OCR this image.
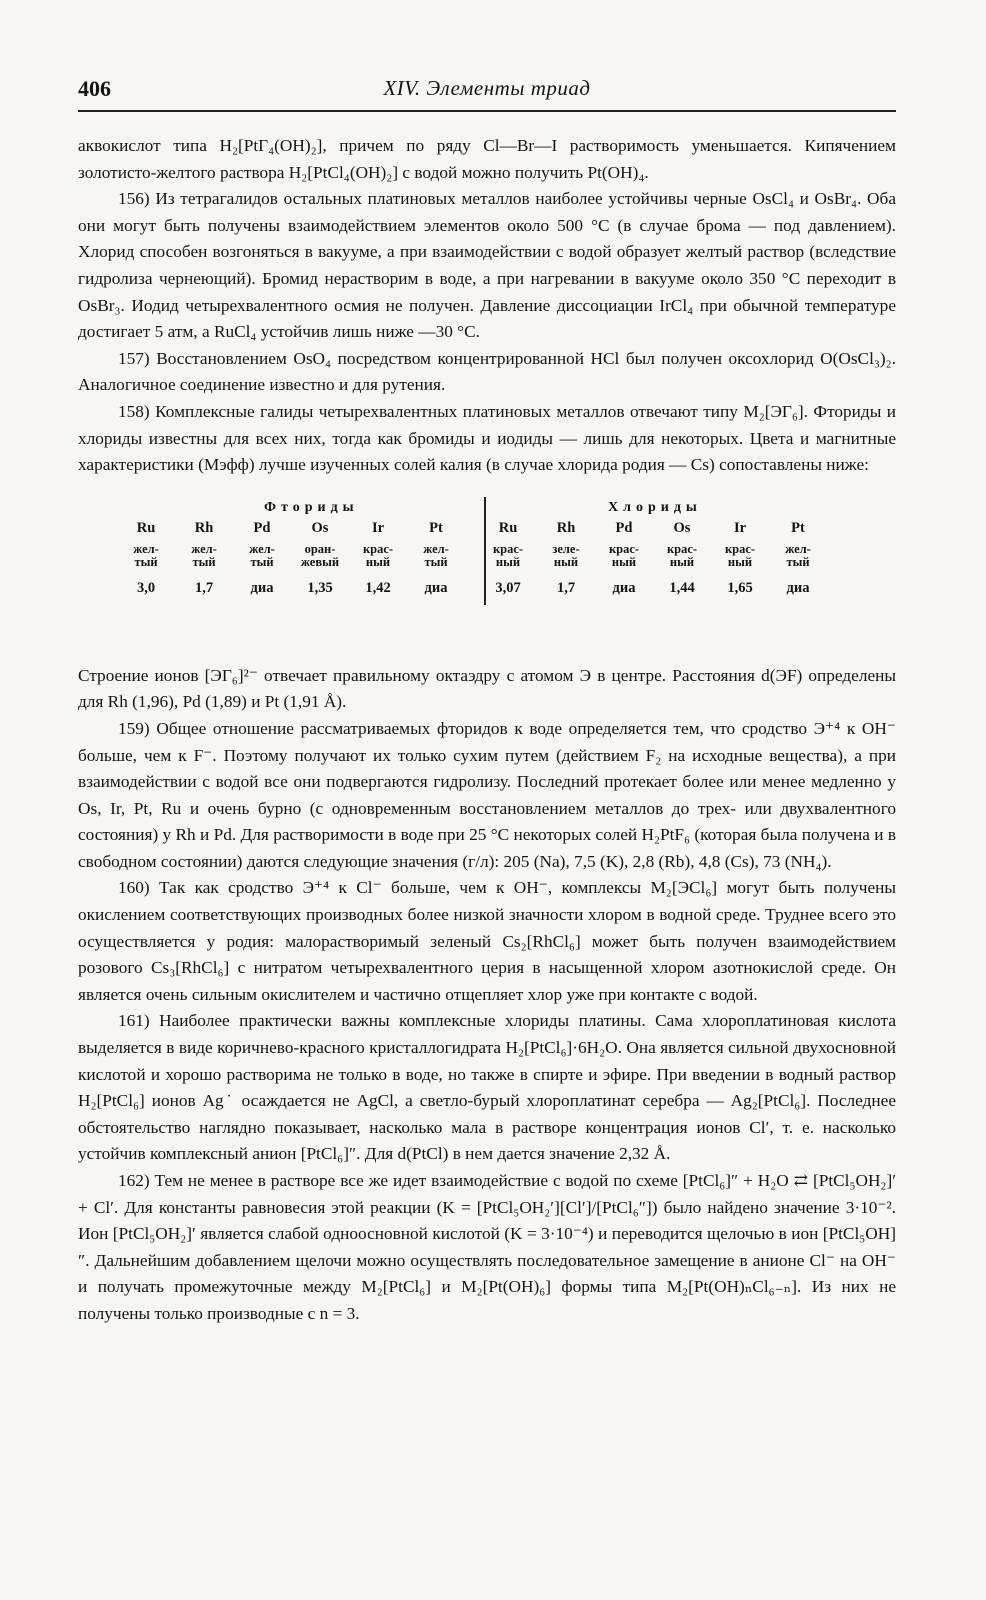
406	XIV. Элементы триад

аквокислот типа H₂[PtГ₄(OH)₂], причем по ряду Cl—Br—I растворимость уменьшается. Кипячением золотисто-желтого раствора H₂[PtCl₄(OH)₂] с водой можно получить Pt(OH)₄.

156) Из тетрагалидов остальных платиновых металлов наиболее устойчивы черные OsCl₄ и OsBr₄. Оба они могут быть получены взаимодействием элементов около 500 °C (в случае брома — под давлением). Хлорид способен возгоняться в вакууме, а при взаимодействии с водой образует желтый раствор (вследствие гидролиза чернеющий). Бромид нерастворим в воде, а при нагревании в вакууме около 350 °C переходит в OsBr₃. Иодид четырехвалентного осмия не получен. Давление диссоциации IrCl₄ при обычной температуре достигает 5 атм, а RuCl₄ устойчив лишь ниже —30 °C.

157) Восстановлением OsO₄ посредством концентрированной HCl был получен оксохлорид O(OsCl₃)₂. Аналогичное соединение известно и для рутения.

158) Комплексные галиды четырехвалентных платиновых металлов отвечают типу M₂[ЭГ₆]. Фториды и хлориды известны для всех них, тогда как бромиды и иодиды — лишь для некоторых. Цвета и магнитные характеристики (Mэфф) лучше изученных солей калия (в случае хлорида родия — Cs) сопоставлены ниже:

Фториды	Хлориды
Ru
жел-
тый
3,0
Rh
жел-
тый
1,7
Pd
жел-
тый
диа
Os
оран-
жевый
1,35
Ir
крас-
ный
1,42
Pt
жел-
тый
диа
Ru
крас-
ный
3,07
Rh
зеле-
ный
1,7
Pd
крас-
ный
диа
Os
крас-
ный
1,44
Ir
крас-
ный
1,65
Pt
жел-
тый
диа

Строение ионов [ЭГ₆]²⁻ отвечает правильному октаэдру с атомом Э в центре. Расстояния d(ЭF) определены для Rh (1,96), Pd (1,89) и Pt (1,91 Å).

159) Общее отношение рассматриваемых фторидов к воде определяется тем, что сродство Э⁺⁴ к OH⁻ больше, чем к F⁻. Поэтому получают их только сухим путем (действием F₂ на исходные вещества), а при взаимодействии с водой все они подвергаются гидролизу. Последний протекает более или менее медленно у Os, Ir, Pt, Ru и очень бурно (с одновременным восстановлением металлов до трех- или двухвалентного состояния) у Rh и Pd. Для растворимости в воде при 25 °C некоторых солей H₂PtF₆ (которая была получена и в свободном состоянии) даются следующие значения (г/л): 205 (Na), 7,5 (K), 2,8 (Rb), 4,8 (Cs), 73 (NH₄).

160) Так как сродство Э⁺⁴ к Cl⁻ больше, чем к OH⁻, комплексы M₂[ЭCl₆] могут быть получены окислением соответствующих производных более низкой значности хлором в водной среде. Труднее всего это осуществляется у родия: малорастворимый зеленый Cs₂[RhCl₆] может быть получен взаимодействием розового Cs₃[RhCl₆] с нитратом четырехвалентного церия в насыщенной хлором азотнокислой среде. Он является очень сильным окислителем и частично отщепляет хлор уже при контакте с водой.

161) Наиболее практически важны комплексные хлориды платины. Сама хлороплатиновая кислота выделяется в виде коричнево-красного кристаллогидрата H₂[PtCl₆]·6H₂O. Она является сильной двухосновной кислотой и хорошо растворима не только в воде, но также в спирте и эфире. При введении в водный раствор H₂[PtCl₆] ионов Ag˙ осаждается не AgCl, а светло-бурый хлороплатинат серебра — Ag₂[PtCl₆]. Последнее обстоятельство наглядно показывает, насколько мала в растворе концентрация ионов Cl′, т. е. насколько устойчив комплексный анион [PtCl₆]″. Для d(PtCl) в нем дается значение 2,32 Å.

162) Тем не менее в растворе все же идет взаимодействие с водой по схеме [PtCl₆]″ + H₂O ⇄ [PtCl₅OH₂]′ + Cl′. Для константы равновесия этой реакции (K = [PtCl₅OH₂′][Cl′]/[PtCl₆″]) было найдено значение 3·10⁻². Ион [PtCl₅OH₂]′ является слабой одноосновной кислотой (K = 3·10⁻⁴) и переводится щелочью в ион [PtCl₅OH]″. Дальнейшим добавлением щелочи можно осуществлять последовательное замещение в анионе Cl⁻ на OH⁻ и получать промежуточные между M₂[PtCl₆] и M₂[Pt(OH)₆] формы типа M₂[Pt(OH)ₙCl₆₋ₙ]. Из них не получены только производные с n = 3.
